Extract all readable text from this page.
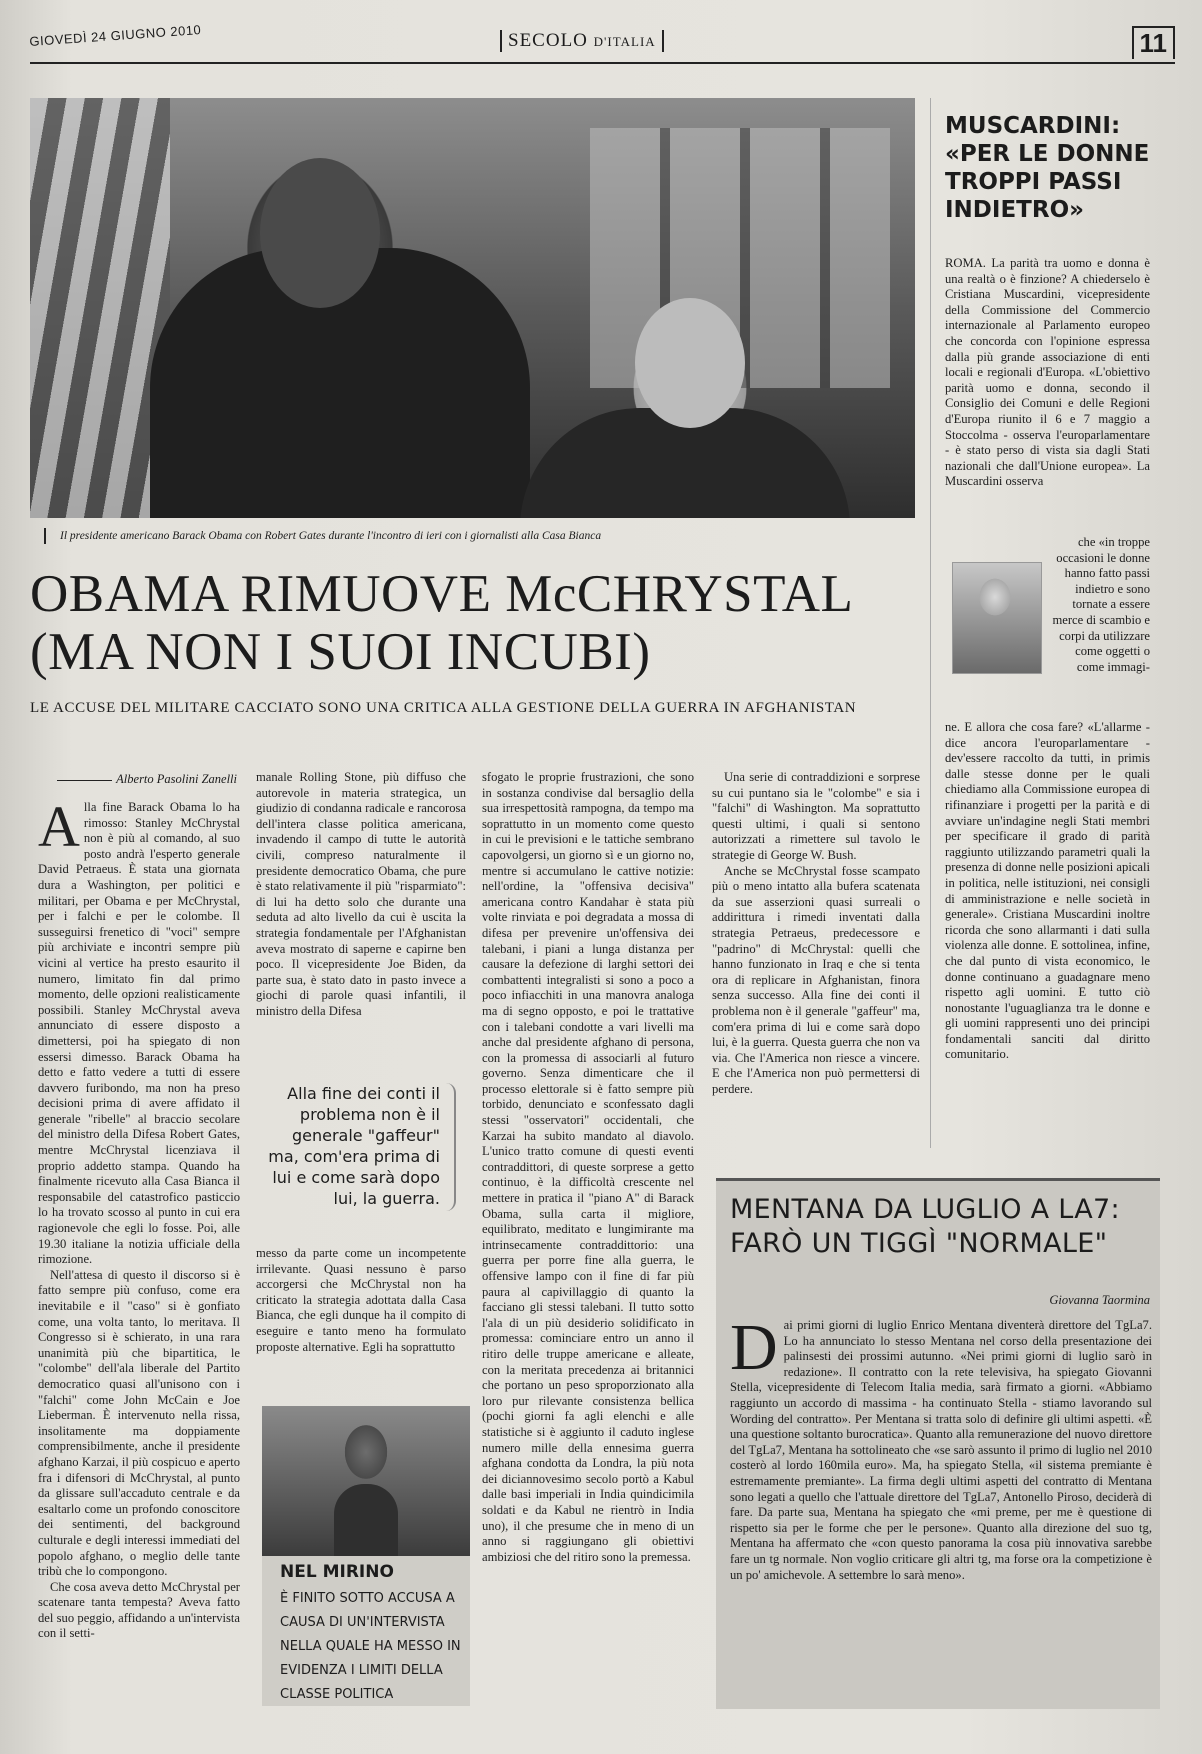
GIOVEDÌ 24 GIUGNO 2010	SECOLO D'ITALIA	11
Il presidente americano Barack Obama con Robert Gates durante l'incontro di ieri con i giornalisti alla Casa Bianca
OBAMA RIMUOVE McCHRYSTAL
(MA NON I SUOI INCUBI)
LE ACCUSE DEL MILITARE CACCIATO SONO UNA CRITICA ALLA GESTIONE DELLA GUERRA IN AFGHANISTAN
Alberto Pasolini Zanelli

Alla fine Barack Obama lo ha rimosso: Stanley McChrystal non è più al comando, al suo posto andrà l'esperto generale David Petraeus. È stata una giornata dura a Washington, per politici e militari, per Obama e per McChrystal, per i falchi e per le colombe. Il susseguirsi frenetico di "voci" sempre più archiviate e incontri sempre più vicini al vertice ha presto esaurito il numero, limitato fin dal primo momento, delle opzioni realisticamente possibili. Stanley McChrystal aveva annunciato di essere disposto a dimettersi, poi ha spiegato di non essersi dimesso. Barack Obama ha detto e fatto vedere a tutti di essere davvero furibondo, ma non ha preso decisioni prima di avere affidato il generale "ribelle" al braccio secolare del ministro della Difesa Robert Gates, mentre McChrystal licenziava il proprio addetto stampa. Quando ha finalmente ricevuto alla Casa Bianca il responsabile del catastrofico pasticcio lo ha trovato scosso al punto in cui era ragionevole che egli lo fosse. Poi, alle 19.30 italiane la notizia ufficiale della rimozione.

Nell'attesa di questo il discorso si è fatto sempre più confuso, come era inevitabile e il "caso" si è gonfiato come, una volta tanto, lo meritava. Il Congresso si è schierato, in una rara unanimità più che bipartitica, le "colombe" dell'ala liberale del Partito democratico quasi all'unisono con i "falchi" come John McCain e Joe Lieberman. È intervenuto nella rissa, insolitamente ma doppiamente comprensibilmente, anche il presidente afghano Karzai, il più cospicuo e aperto fra i difensori di McChrystal, al punto da glissare sull'accaduto centrale e da esaltarlo come un profondo conoscitore dei sentimenti, del background culturale e degli interessi immediati del popolo afghano, o meglio delle tante tribù che lo compongono.

Che cosa aveva detto McChrystal per scatenare tanta tempesta? Aveva fatto del suo peggio, affidando a un'intervista con il setti-

manale Rolling Stone, più diffuso che autorevole in materia strategica, un giudizio di condanna radicale e rancorosa dell'intera classe politica americana, invadendo il campo di tutte le autorità civili, compreso naturalmente il presidente democratico Obama, che pure è stato relativamente il più "risparmiato": di lui ha detto solo che durante una seduta ad alto livello da cui è uscita la strategia fondamentale per l'Afghanistan aveva mostrato di saperne e capirne ben poco. Il vicepresidente Joe Biden, da parte sua, è stato dato in pasto invece a giochi di parole quasi infantili, il ministro della Difesa

Alla fine dei conti il problema non è il generale "gaffeur" ma, com'era prima di lui e come sarà dopo lui, la guerra.

messo da parte come un incompetente irrilevante. Quasi nessuno è parso accorgersi che McChrystal non ha criticato la strategia adottata dalla Casa Bianca, che egli dunque ha il compito di eseguire e tanto meno ha formulato proposte alternative. Egli ha soprattutto

NEL MIRINO
È FINITO SOTTO ACCUSA A CAUSA DI UN'INTERVISTA NELLA QUALE HA MESSO IN EVIDENZA I LIMITI DELLA CLASSE POLITICA

sfogato le proprie frustrazioni, che sono in sostanza condivise dal bersaglio della sua irrespettosità rampogna, da tempo ma soprattutto in un momento come questo in cui le previsioni e le tattiche sembrano capovolgersi, un giorno sì e un giorno no, mentre si accumulano le cattive notizie: nell'ordine, la "offensiva decisiva" americana contro Kandahar è stata più volte rinviata e poi degradata a mossa di difesa per prevenire un'offensiva dei talebani, i piani a lunga distanza per causare la defezione di larghi settori dei combattenti integralisti si sono a poco a poco infiacchiti in una manovra analoga ma di segno opposto, e poi le trattative con i talebani condotte a vari livelli ma anche dal presidente afghano di persona, con la promessa di associarli al futuro governo. Senza dimenticare che il processo elettorale si è fatto sempre più torbido, denunciato e sconfessato dagli stessi "osservatori" occidentali, che Karzai ha subito mandato al diavolo. L'unico tratto comune di questi eventi contraddittori, di queste sorprese a getto continuo, è la difficoltà crescente nel mettere in pratica il "piano A" di Barack Obama, sulla carta il migliore, equilibrato, meditato e lungimirante ma intrinsecamente contraddittorio: una guerra per porre fine alla guerra, le offensive lampo con il fine di far più paura al capivillaggio di quanto la facciano gli stessi talebani. Il tutto sotto l'ala di un più desiderio solidificato in promessa: cominciare entro un anno il ritiro delle truppe americane e alleate, con la meritata precedenza ai britannici che portano un peso sproporzionato alla loro pur rilevante consistenza bellica (pochi giorni fa agli elenchi e alle statistiche si è aggiunto il caduto inglese numero mille della ennesima guerra afghana condotta da Londra, la più nota dei diciannovesimo secolo portò a Kabul dalle basi imperiali in India quindicimila soldati e da Kabul ne rientrò in India uno), il che presume che in meno di un anno si raggiungano gli obiettivi ambiziosi che del ritiro sono la premessa.

Una serie di contraddizioni e sorprese su cui puntano sia le "colombe" e sia i "falchi" di Washington. Ma soprattutto questi ultimi, i quali si sentono autorizzati a rimettere sul tavolo le strategie di George W. Bush.

Anche se McChrystal fosse scampato più o meno intatto alla bufera scatenata da sue asserzioni quasi surreali o addirittura i rimedi inventati dalla strategia Petraeus, predecessore e "padrino" di McChrystal: quelli che hanno funzionato in Iraq e che si tenta ora di replicare in Afghanistan, finora senza successo. Alla fine dei conti il problema non è il generale "gaffeur" ma, com'era prima di lui e come sarà dopo lui, è la guerra. Questa guerra che non va via. Che l'America non riesce a vincere. E che l'America non può permettersi di perdere.

MUSCARDINI: «PER LE DONNE TROPPI PASSI INDIETRO»
ROMA. La parità tra uomo e donna è una realtà o è finzione? A chiederselo è Cristiana Muscardini, vicepresidente della Commissione del Commercio internazionale al Parlamento europeo che concorda con l'opinione espressa dalla più grande associazione di enti locali e regionali d'Europa. «L'obiettivo parità uomo e donna, secondo il Consiglio dei Comuni e delle Regioni d'Europa riunito il 6 e 7 maggio a Stoccolma - osserva l'europarlamentare - è stato perso di vista sia dagli Stati nazionali che dall'Unione europea». La Muscardini osserva
che «in troppe occasioni le donne hanno fatto passi indietro e sono tornate a essere merce di scambio e corpi da utilizzare come oggetti o come immagi-
ne. E allora che cosa fare? «L'allarme - dice ancora l'europarlamentare - dev'essere raccolto da tutti, in primis dalle stesse donne per le quali chiediamo alla Commissione europea di rifinanziare i progetti per la parità e di avviare un'indagine negli Stati membri per specificare il grado di parità raggiunto utilizzando parametri quali la presenza di donne nelle posizioni apicali in politica, nelle istituzioni, nei consigli di amministrazione e nelle società in generale». Cristiana Muscardini inoltre ricorda che sono allarmanti i dati sulla violenza alle donne. E sottolinea, infine, che dal punto di vista economico, le donne continuano a guadagnare meno rispetto agli uomini. E tutto ciò nonostante l'uguaglianza tra le donne e gli uomini rappresenti uno dei principi fondamentali sanciti dal diritto comunitario.
MENTANA DA LUGLIO A LA7:
FARÒ UN TIGGÌ "NORMALE"
Giovanna Taormina
Dai primi giorni di luglio Enrico Mentana diventerà direttore del TgLa7. Lo ha annunciato lo stesso Mentana nel corso della presentazione dei palinsesti dei prossimi autunno. «Nei primi giorni di luglio sarò in redazione». Il contratto con la rete televisiva, ha spiegato Giovanni Stella, vicepresidente di Telecom Italia media, sarà firmato a giorni. «Abbiamo raggiunto un accordo di massima - ha continuato Stella - stiamo lavorando sul Wording del contratto». Per Mentana si tratta solo di definire gli ultimi aspetti. «È una questione soltanto burocratica». Quanto alla remunerazione del nuovo direttore del TgLa7, Mentana ha sottolineato che «se sarò assunto il primo di luglio nel 2010 costerò al lordo 160mila euro». Ma, ha spiegato Stella, «il sistema premiante è estremamente premiante». La firma degli ultimi aspetti del contratto di Mentana sono legati a quello che l'attuale direttore del TgLa7, Antonello Piroso, deciderà di fare. Da parte sua, Mentana ha spiegato che «mi preme, per me è questione di rispetto sia per le forme che per le persone». Quanto alla direzione del suo tg, Mentana ha affermato che «con questo panorama la cosa più innovativa sarebbe fare un tg normale. Non voglio criticare gli altri tg, ma forse ora la competizione è un po' amichevole. A settembre lo sarà meno».
